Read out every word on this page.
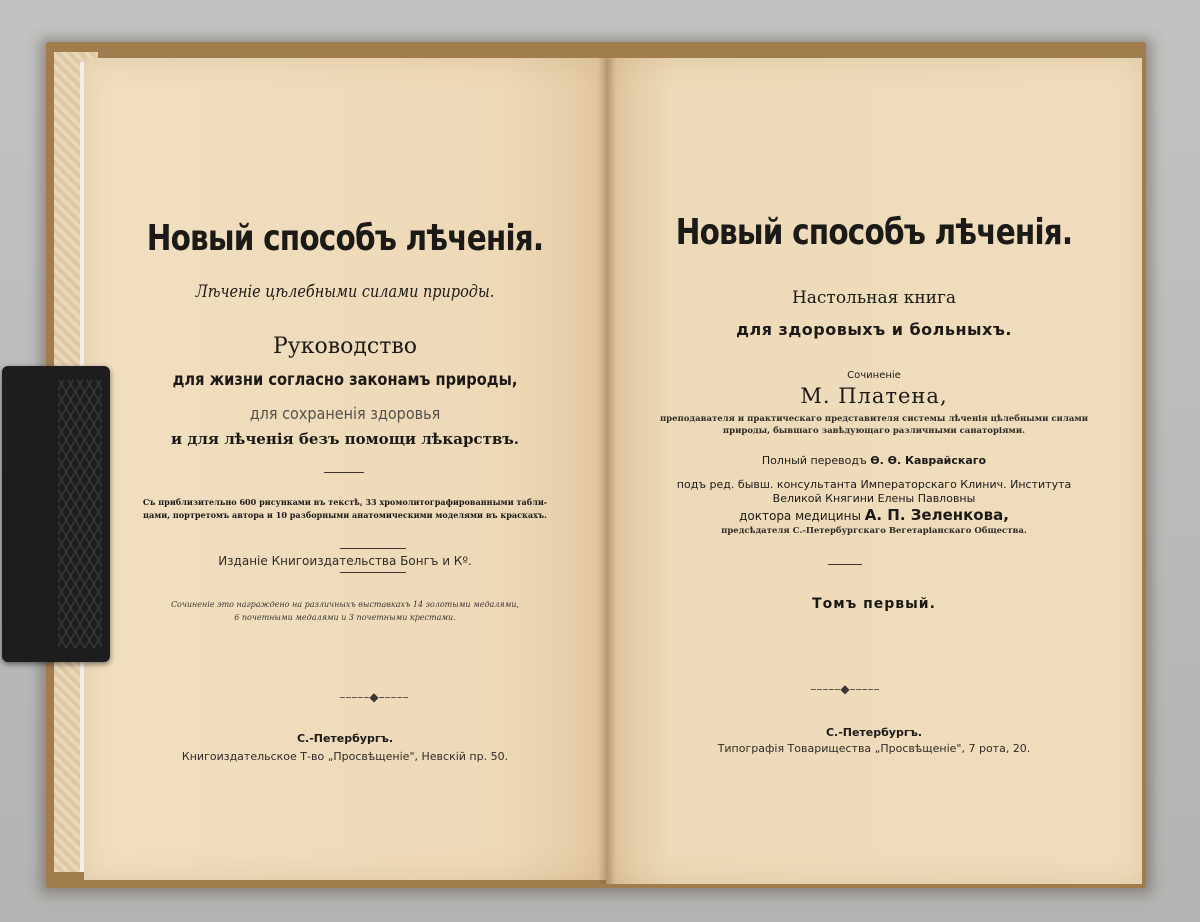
Новый способъ лѣченія.
Лѣченіе цѣлебными силами природы.
Руководство
для жизни согласно законамъ природы,
для сохраненія здоровья
и для лѣченія безъ помощи лѣкарствъ.
Съ приблизительно 600 рисунками въ текстѣ, 33 хромолитографированными табли-
цами, портретомъ автора и 10 разборными анатомическими моделями въ краскахъ.
Изданіе Книгоиздательства Бонгъ и Кº.
Сочиненіе это награждено на различныхъ выставкахъ 14 золотыми медалями,
6 почетными медалями и 3 почетными крестами.
–––––◆–––––
С.-Петербургъ.
Книгоиздательское Т-во „Просвѣщеніе", Невскій пр. 50.
Новый способъ лѣченія.
Настольная книга
для здоровыхъ и больныхъ.
Сочиненіе
М. Платена,
преподавателя и практическаго представителя системы лѣченія цѣлебными силами
природы, бывшаго завѣдующаго различными санаторіями.
Полный переводъ Ѳ. Ѳ. Каврайскаго
подъ ред. бывш. консультанта Императорскаго Клинич. Института
Великой Княгини Елены Павловны
доктора медицины А. П. Зеленкова,
предсѣдателя С.-Петербургскаго Вегетаріанскаго Общества.
Томъ первый.
–––––◆–––––
С.-Петербургъ.
Типографія Товарищества „Просвѣщеніе", 7 рота, 20.
